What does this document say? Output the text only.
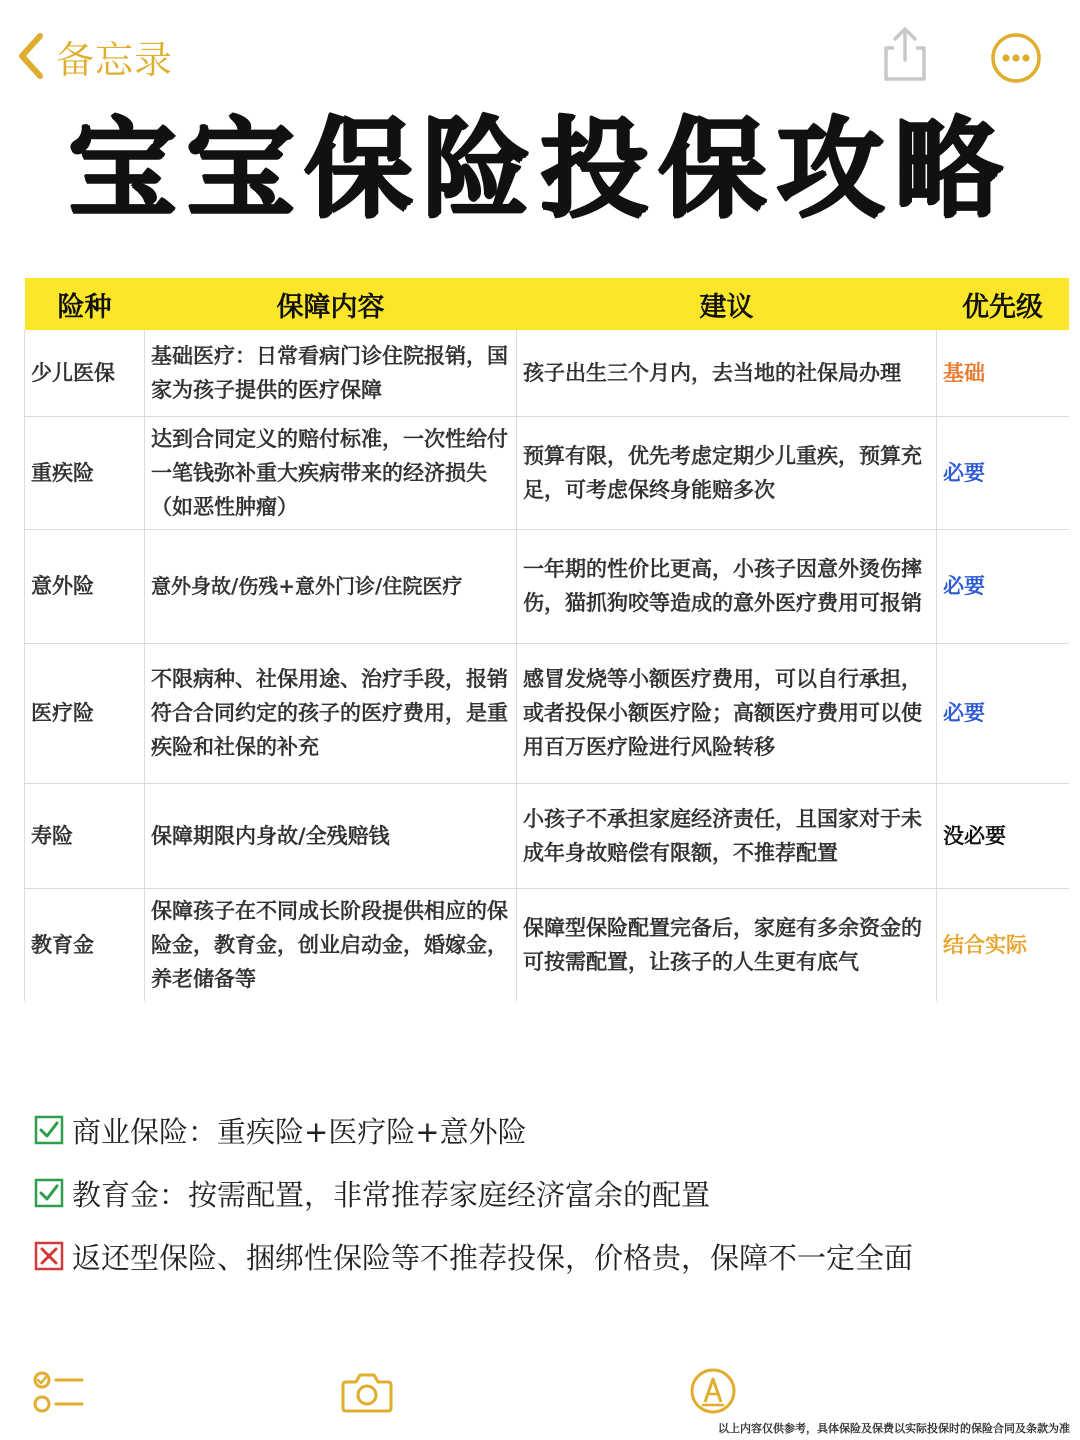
备忘录
宝宝保险投保攻略
险种	保障内容	建议	优先级
少儿医保	基础医疗：日常看病门诊住院报销，国家为孩子提供的医疗保障	孩子出生三个月内，去当地的社保局办理	基础
重疾险	达到合同定义的赔付标准，一次性给付一笔钱弥补重大疾病带来的经济损失（如恶性肿瘤）	预算有限，优先考虑定期少儿重疾，预算充足，可考虑保终身能赔多次	必要
意外险	意外身故/伤残+意外门诊/住院医疗	一年期的性价比更高，小孩子因意外烫伤摔伤，猫抓狗咬等造成的意外医疗费用可报销	必要
医疗险	不限病种、社保用途、治疗手段，报销符合合同约定的孩子的医疗费用，是重疾险和社保的补充	感冒发烧等小额医疗费用，可以自行承担，或者投保小额医疗险；高额医疗费用可以使用百万医疗险进行风险转移	必要
寿险	保障期限内身故/全残赔钱	小孩子不承担家庭经济责任，且国家对于未成年身故赔偿有限额，不推荐配置	没必要
教育金	保障孩子在不同成长阶段提供相应的保险金，教育金，创业启动金，婚嫁金，养老储备等	保障型保险配置完备后，家庭有多余资金的可按需配置，让孩子的人生更有底气	结合实际
商业保险：重疾险+医疗险+意外险
教育金：按需配置，非常推荐家庭经济富余的配置
返还型保险、捆绑性保险等不推荐投保，价格贵，保障不一定全面
以上内容仅供参考，具体保险及保费以实际投保时的保险合同及条款为准
